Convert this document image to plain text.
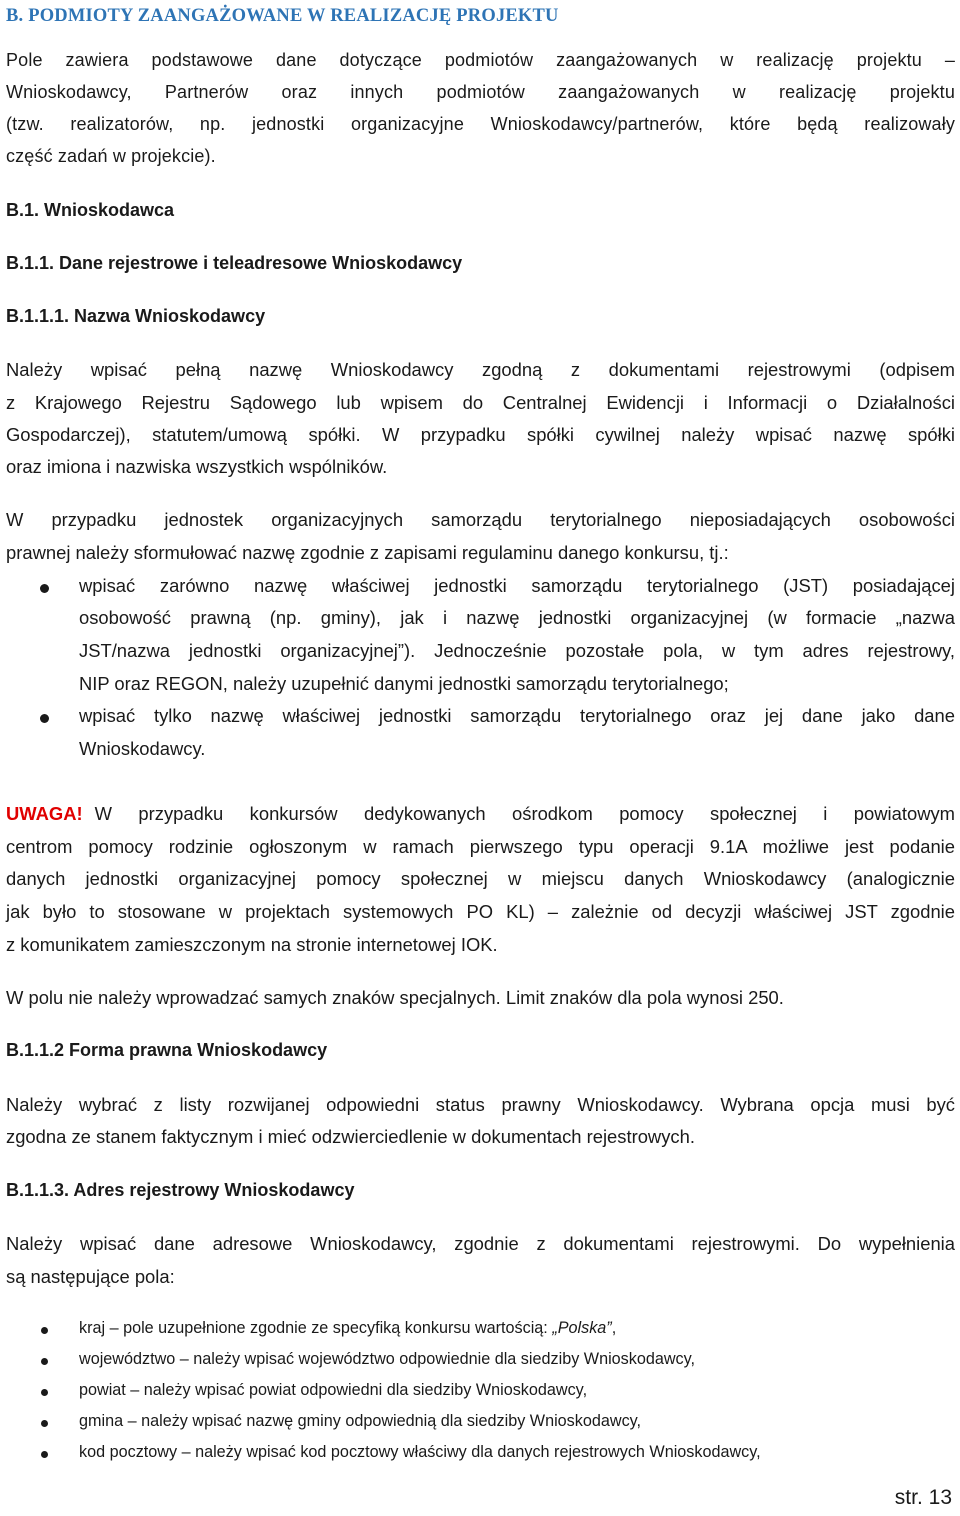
B. PODMIOTY ZAANGAŻOWANE W REALIZACJĘ PROJEKTU
Pole zawiera podstawowe dane dotyczące podmiotów zaangażowanych w realizację projektu –
Wnioskodawcy, Partnerów oraz innych podmiotów zaangażowanych w realizację projektu
(tzw. realizatorów, np. jednostki organizacyjne Wnioskodawcy/partnerów, które będą realizowały
część zadań w projekcie).
B.1. Wnioskodawca
B.1.1. Dane rejestrowe i teleadresowe Wnioskodawcy
B.1.1.1. Nazwa Wnioskodawcy
Należy wpisać pełną nazwę Wnioskodawcy zgodną z dokumentami rejestrowymi (odpisem
z Krajowego Rejestru Sądowego lub wpisem do Centralnej Ewidencji i Informacji o Działalności
Gospodarczej), statutem/umową spółki. W przypadku spółki cywilnej należy wpisać nazwę spółki
oraz imiona i nazwiska wszystkich wspólników.
W przypadku jednostek organizacyjnych samorządu terytorialnego nieposiadających osobowości
prawnej należy sformułować nazwę zgodnie z zapisami regulaminu danego konkursu, tj.:
wpisać zarówno nazwę właściwej jednostki samorządu terytorialnego (JST) posiadającej
osobowość prawną (np. gminy), jak i nazwę jednostki organizacyjnej (w formacie „nazwa
JST/nazwa jednostki organizacyjnej”). Jednocześnie pozostałe pola, w tym adres rejestrowy,
NIP oraz REGON, należy uzupełnić danymi jednostki samorządu terytorialnego;
wpisać tylko nazwę właściwej jednostki samorządu terytorialnego oraz jej dane jako dane
Wnioskodawcy.
UWAGA! W przypadku konkursów dedykowanych ośrodkom pomocy społecznej i powiatowym
centrom pomocy rodzinie ogłoszonym w ramach pierwszego typu operacji 9.1A możliwe jest podanie
danych jednostki organizacyjnej pomocy społecznej w miejscu danych Wnioskodawcy (analogicznie
jak było to stosowane w projektach systemowych PO KL) – zależnie od decyzji właściwej JST zgodnie
z komunikatem zamieszczonym na stronie internetowej IOK.
W polu nie należy wprowadzać samych znaków specjalnych. Limit znaków dla pola wynosi 250.
B.1.1.2 Forma prawna Wnioskodawcy
Należy wybrać z listy rozwijanej odpowiedni status prawny Wnioskodawcy. Wybrana opcja musi być
zgodna ze stanem faktycznym i mieć odzwierciedlenie w dokumentach rejestrowych.
B.1.1.3. Adres rejestrowy Wnioskodawcy
Należy wpisać dane adresowe Wnioskodawcy, zgodnie z dokumentami rejestrowymi. Do wypełnienia
są następujące pola:
kraj – pole uzupełnione zgodnie ze specyfiką konkursu wartością: „Polska”,
województwo – należy wpisać województwo odpowiednie dla siedziby Wnioskodawcy,
powiat – należy wpisać powiat odpowiedni dla siedziby Wnioskodawcy,
gmina – należy wpisać nazwę gminy odpowiednią dla siedziby Wnioskodawcy,
kod pocztowy – należy wpisać kod pocztowy właściwy dla danych rejestrowych Wnioskodawcy,
str. 13
